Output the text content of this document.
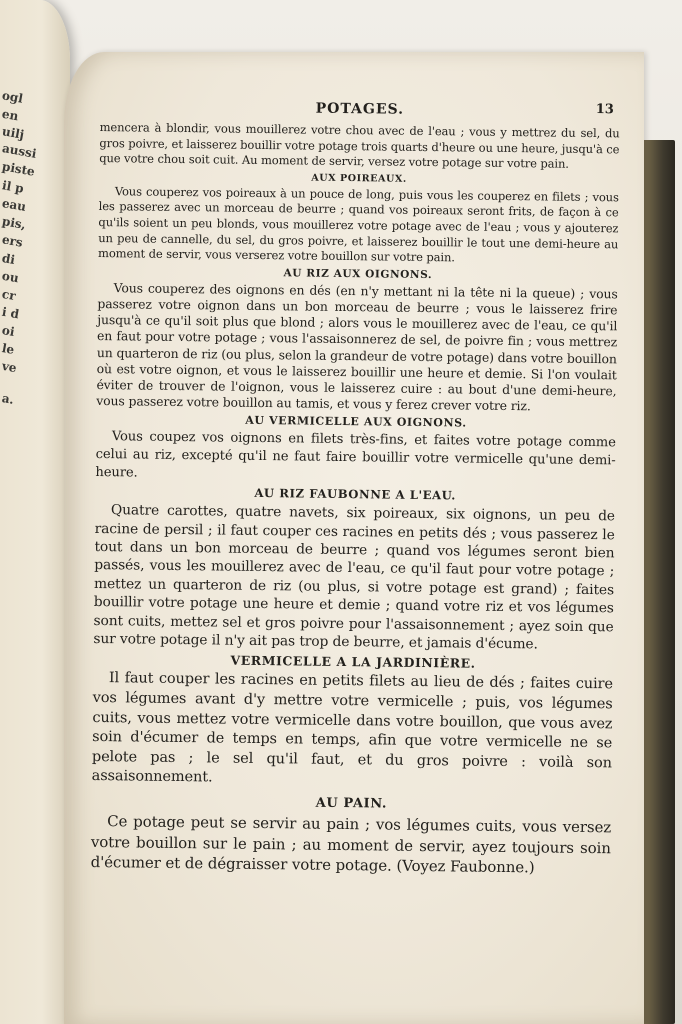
ogl
en
uilj
aussi
piste
il p
eau
pis,
ers
di
ou
cr
i d
oi
le
ve
a.
POTAGES.	13

mencera à blondir, vous mouillerez votre chou avec de l'eau ; vous y mettrez du sel, du gros poivre, et laisserez bouillir votre potage trois quarts d'heure ou une heure, jusqu'à ce que votre chou soit cuit. Au moment de servir, versez votre potage sur votre pain.

AUX POIREAUX.

Vous couperez vos poireaux à un pouce de long, puis vous les couperez en filets ; vous les passerez avec un morceau de beurre ; quand vos poireaux seront frits, de façon à ce qu'ils soient un peu blonds, vous mouillerez votre potage avec de l'eau ; vous y ajouterez un peu de cannelle, du sel, du gros poivre, et laisserez bouillir le tout une demi-heure au moment de servir, vous verserez votre bouillon sur votre pain.

AU RIZ AUX OIGNONS.

Vous couperez des oignons en dés (en n'y mettant ni la tête ni la queue) ; vous passerez votre oignon dans un bon morceau de beurre ; vous le laisserez frire jusqu'à ce qu'il soit plus que blond ; alors vous le mouillerez avec de l'eau, ce qu'il en faut pour votre potage ; vous l'assaisonnerez de sel, de poivre fin ; vous mettrez un quarteron de riz (ou plus, selon la grandeur de votre potage) dans votre bouillon où est votre oignon, et vous le laisserez bouillir une heure et demie. Si l'on voulait éviter de trouver de l'oignon, vous le laisserez cuire : au bout d'une demi-heure, vous passerez votre bouillon au tamis, et vous y ferez crever votre riz.

AU VERMICELLE AUX OIGNONS.

Vous coupez vos oignons en filets très-fins, et faites votre potage comme celui au riz, excepté qu'il ne faut faire bouillir votre vermicelle qu'une demi-heure.

AU RIZ FAUBONNE A L'EAU.

Quatre carottes, quatre navets, six poireaux, six oignons, un peu de racine de persil ; il faut couper ces racines en petits dés ; vous passerez le tout dans un bon morceau de beurre ; quand vos légumes seront bien passés, vous les mouillerez avec de l'eau, ce qu'il faut pour votre potage ; mettez un quarteron de riz (ou plus, si votre potage est grand) ; faites bouillir votre potage une heure et demie ; quand votre riz et vos légumes sont cuits, mettez sel et gros poivre pour l'assaisonnement ; ayez soin que sur votre potage il n'y ait pas trop de beurre, et jamais d'écume.

VERMICELLE A LA JARDINIÈRE.

Il faut couper les racines en petits filets au lieu de dés ; faites cuire vos légumes avant d'y mettre votre vermicelle ; puis, vos légumes cuits, vous mettez votre vermicelle dans votre bouillon, que vous avez soin d'écumer de temps en temps, afin que votre vermicelle ne se pelote pas ; le sel qu'il faut, et du gros poivre : voilà son assaisonnement.

AU PAIN.

Ce potage peut se servir au pain ; vos légumes cuits, vous versez votre bouillon sur le pain ; au moment de servir, ayez toujours soin d'écumer et de dégraisser votre potage. (Voyez Faubonne.)
